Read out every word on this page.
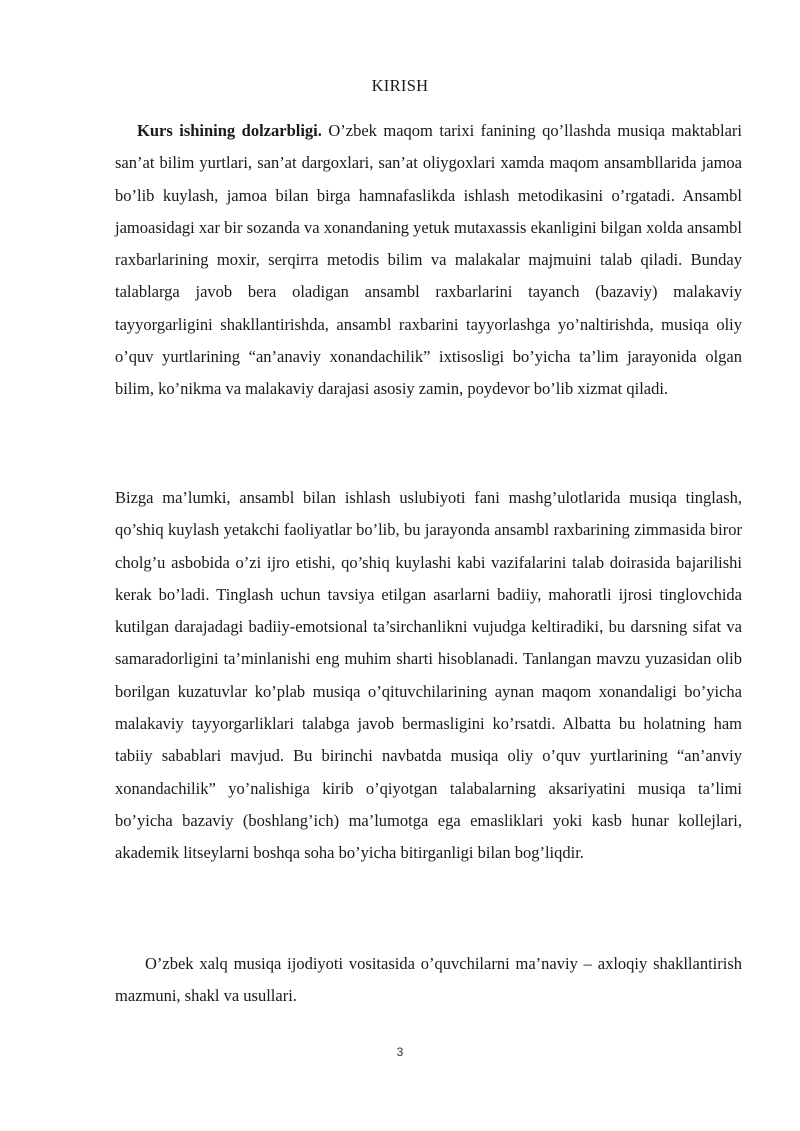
KIRISH

Kurs ishining dolzarbligi. O’zbek maqom tarixi fanining qo’llashda musiqa maktablari san’at bilim yurtlari, san’at dargoxlari, san’at oliygoxlari xamda maqom ansambllarida jamoa bo’lib kuylash, jamoa bilan birga hamnafaslikda ishlash metodikasini o’rgatadi. Ansambl jamoasidagi xar bir sozanda va xonandaning yetuk mutaxassis ekanligini bilgan xolda ansambl raxbarlarining moxir, serqirra metodis bilim va malakalar majmuini talab qiladi. Bunday talablarga javob bera oladigan ansambl raxbarlarini tayanch (bazaviy) malakaviy tayyorgarligini shakllantirishda, ansambl raxbarini tayyorlashga yo’naltirishda, musiqa oliy o’quv yurtlarining “an’anaviy xonandachilik” ixtisosligi bo’yicha ta’lim jarayonida olgan bilim, ko’nikma va malakaviy darajasi asosiy zamin, poydevor bo’lib xizmat qiladi.

Bizga ma’lumki, ansambl bilan ishlash uslubiyoti fani mashg’ulotlarida musiqa tinglash, qo’shiq kuylash yetakchi faoliyatlar bo’lib, bu jarayonda ansambl raxbarining zimmasida biror cholg’u asbobida o’zi ijro etishi, qo’shiq kuylashi kabi vazifalarini talab doirasida bajarilishi kerak bo’ladi. Tinglash uchun tavsiya etilgan asarlarni badiiy, mahoratli ijrosi tinglovchida kutilgan darajadagi badiiy-emotsional ta’sirchanlikni vujudga keltiradiki, bu darsning sifat va samaradorligini ta’minlanishi eng muhim sharti hisoblanadi. Tanlangan mavzu yuzasidan olib borilgan kuzatuvlar ko’plab musiqa o’qituvchilarining aynan maqom xonandaligi bo’yicha malakaviy tayyorgarliklari talabga javob bermasligini ko’rsatdi. Albatta bu holatning ham tabiiy sabablari mavjud. Bu birinchi navbatda musiqa oliy o’quv yurtlarining “an’anviy xonandachilik” yo’nalishiga kirib o’qiyotgan talabalarning aksariyatini musiqa ta’limi bo’yicha bazaviy (boshlang’ich) ma’lumotga ega emasliklari yoki kasb hunar kollejlari, akademik litseylarni boshqa soha bo’yicha bitirganligi bilan bog’liqdir.

O’zbek xalq musiqa ijodiyoti vositasida o’quvchilarni ma’naviy – axloqiy shakllantirish mazmuni, shakl va usullari.

3
